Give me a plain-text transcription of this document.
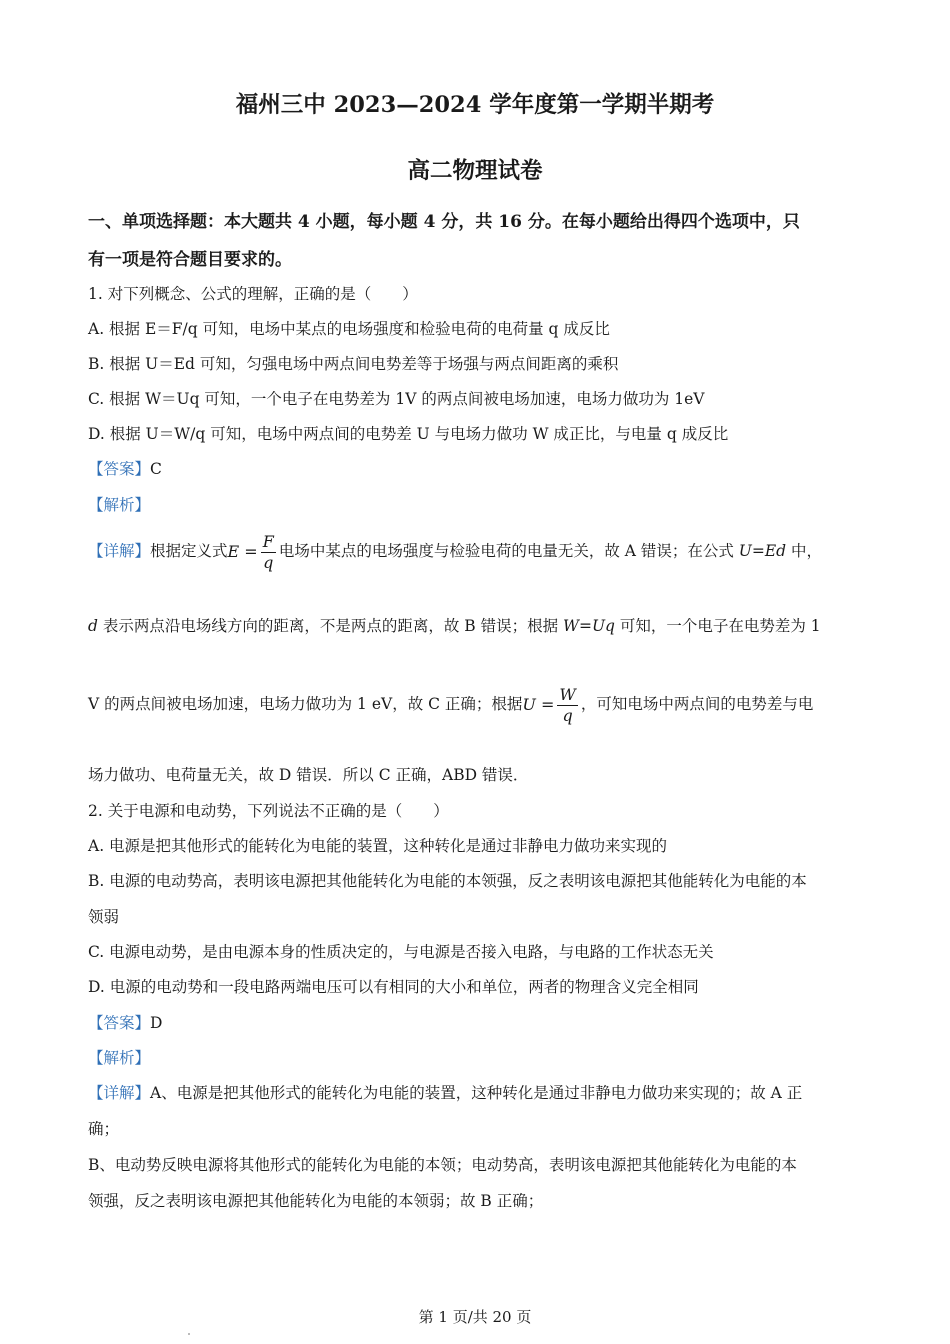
福州三中 2023—2024 学年度第一学期半期考
高二物理试卷
一、单项选择题：本大题共 4 小题，每小题 4 分，共 16 分。在每小题给出得四个选项中，只
有一项是符合题目要求的。
1. 对下列概念、公式的理解，正确的是（　　）
A. 根据 E＝F/q 可知，电场中某点的电场强度和检验电荷的电荷量 q 成反比
B. 根据 U＝Ed 可知，匀强电场中两点间电势差等于场强与两点间距离的乘积
C. 根据 W＝Uq 可知，一个电子在电势差为 1V 的两点间被电场加速，电场力做功为 1eV
D. 根据 U＝W/q 可知，电场中两点间的电势差 U 与电场力做功 W 成正比，与电量 q 成反比
【答案】C
【解析】
【详解】根据定义式$E = \frac{F}{q}$ 电场中某点的电场强度与检验电荷的电量无关，故 A 错误；在公式 U=Ed 中，
d 表示两点沿电场线方向的距离，不是两点的距离，故 B 错误；根据 W=Uq 可知，一个电子在电势差为 1
V 的两点间被电场加速，电场力做功为 1 eV，故 C 正确；根据$U = \frac{W}{q}$ ，可知电场中两点间的电势差与电
场力做功、电荷量无关，故 D 错误．所以 C 正确，ABD 错误．
2. 关于电源和电动势，下列说法不正确的是（　　）
A. 电源是把其他形式的能转化为电能的装置，这种转化是通过非静电力做功来实现的
B. 电源的电动势高，表明该电源把其他能转化为电能的本领强，反之表明该电源把其他能转化为电能的本
领弱
C. 电源电动势，是由电源本身的性质决定的，与电源是否接入电路，与电路的工作状态无关
D. 电源的电动势和一段电路两端电压可以有相同的大小和单位，两者的物理含义完全相同
【答案】D
【解析】
【详解】A、电源是把其他形式的能转化为电能的装置，这种转化是通过非静电力做功来实现的；故 A 正
确；
B、电动势反映电源将其他形式的能转化为电能的本领；电动势高，表明该电源把其他能转化为电能的本
领强，反之表明该电源把其他能转化为电能的本领弱；故 B 正确；
第 1 页/共 20 页
